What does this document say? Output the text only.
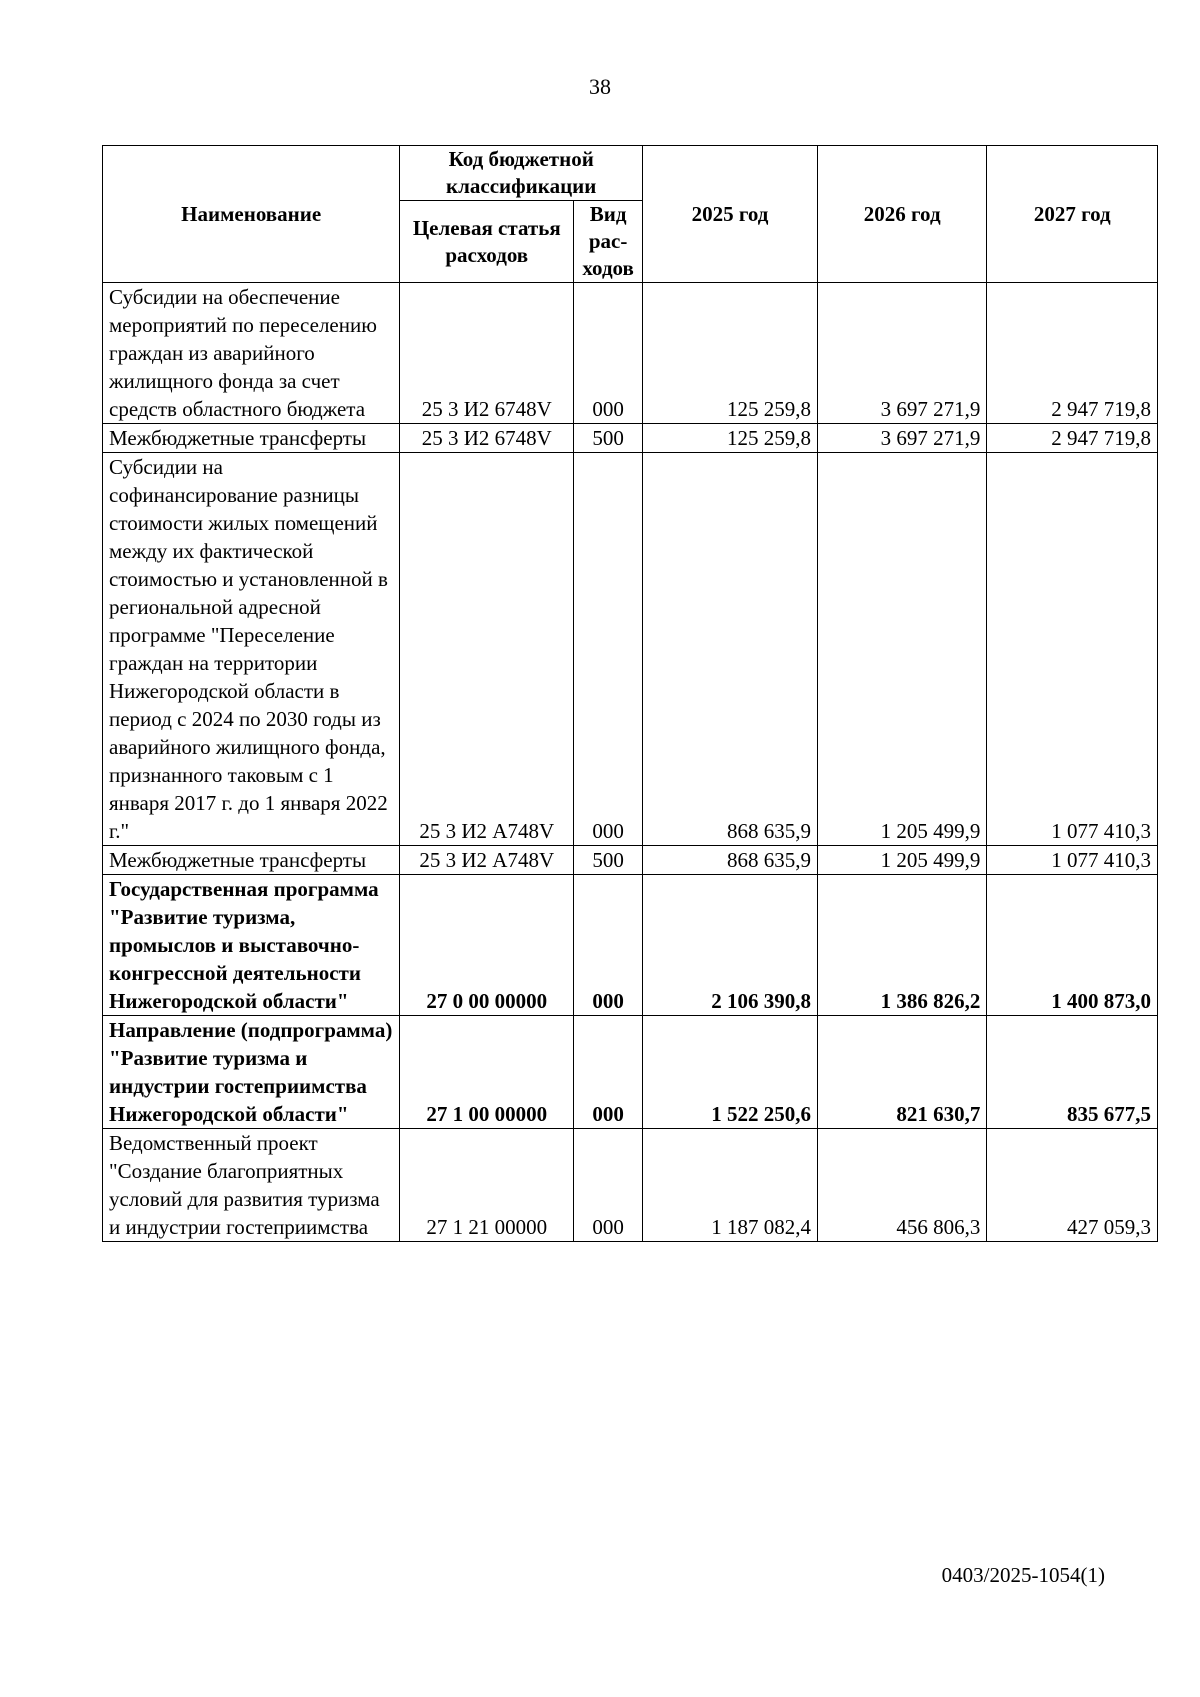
38
Наименование	Код бюджетной классификации		2025 год	2026 год	2027 год
	Целевая статья расходов	Вид рас-ходов			
Субсидии на обеспечение мероприятий по переселению граждан из аварийного жилищного фонда за счет средств областного бюджета	25 3 И2 6748V	000	125 259,8	3 697 271,9	2 947 719,8
Межбюджетные трансферты	25 3 И2 6748V	500	125 259,8	3 697 271,9	2 947 719,8
Субсидии на софинансирование разницы стоимости жилых помещений между их фактической стоимостью и установленной в региональной адресной программе "Переселение граждан на территории Нижегородской области в период с 2024 по 2030 годы из аварийного жилищного фонда, признанного таковым с 1 января 2017 г. до 1 января 2022 г."	25 3 И2 А748V	000	868 635,9	1 205 499,9	1 077 410,3
Межбюджетные трансферты	25 3 И2 А748V	500	868 635,9	1 205 499,9	1 077 410,3
Государственная программа "Развитие туризма, промыслов и выставочно-конгрессной деятельности Нижегородской области"	27 0 00 00000	000	2 106 390,8	1 386 826,2	1 400 873,0
Направление (подпрограмма) "Развитие туризма и индустрии гостеприимства Нижегородской области"	27 1 00 00000	000	1 522 250,6	821 630,7	835 677,5
Ведомственный проект "Создание благоприятных условий для развития туризма и индустрии гостеприимства	27 1 21 00000	000	1 187 082,4	456 806,3	427 059,3
0403/2025-1054(1)
